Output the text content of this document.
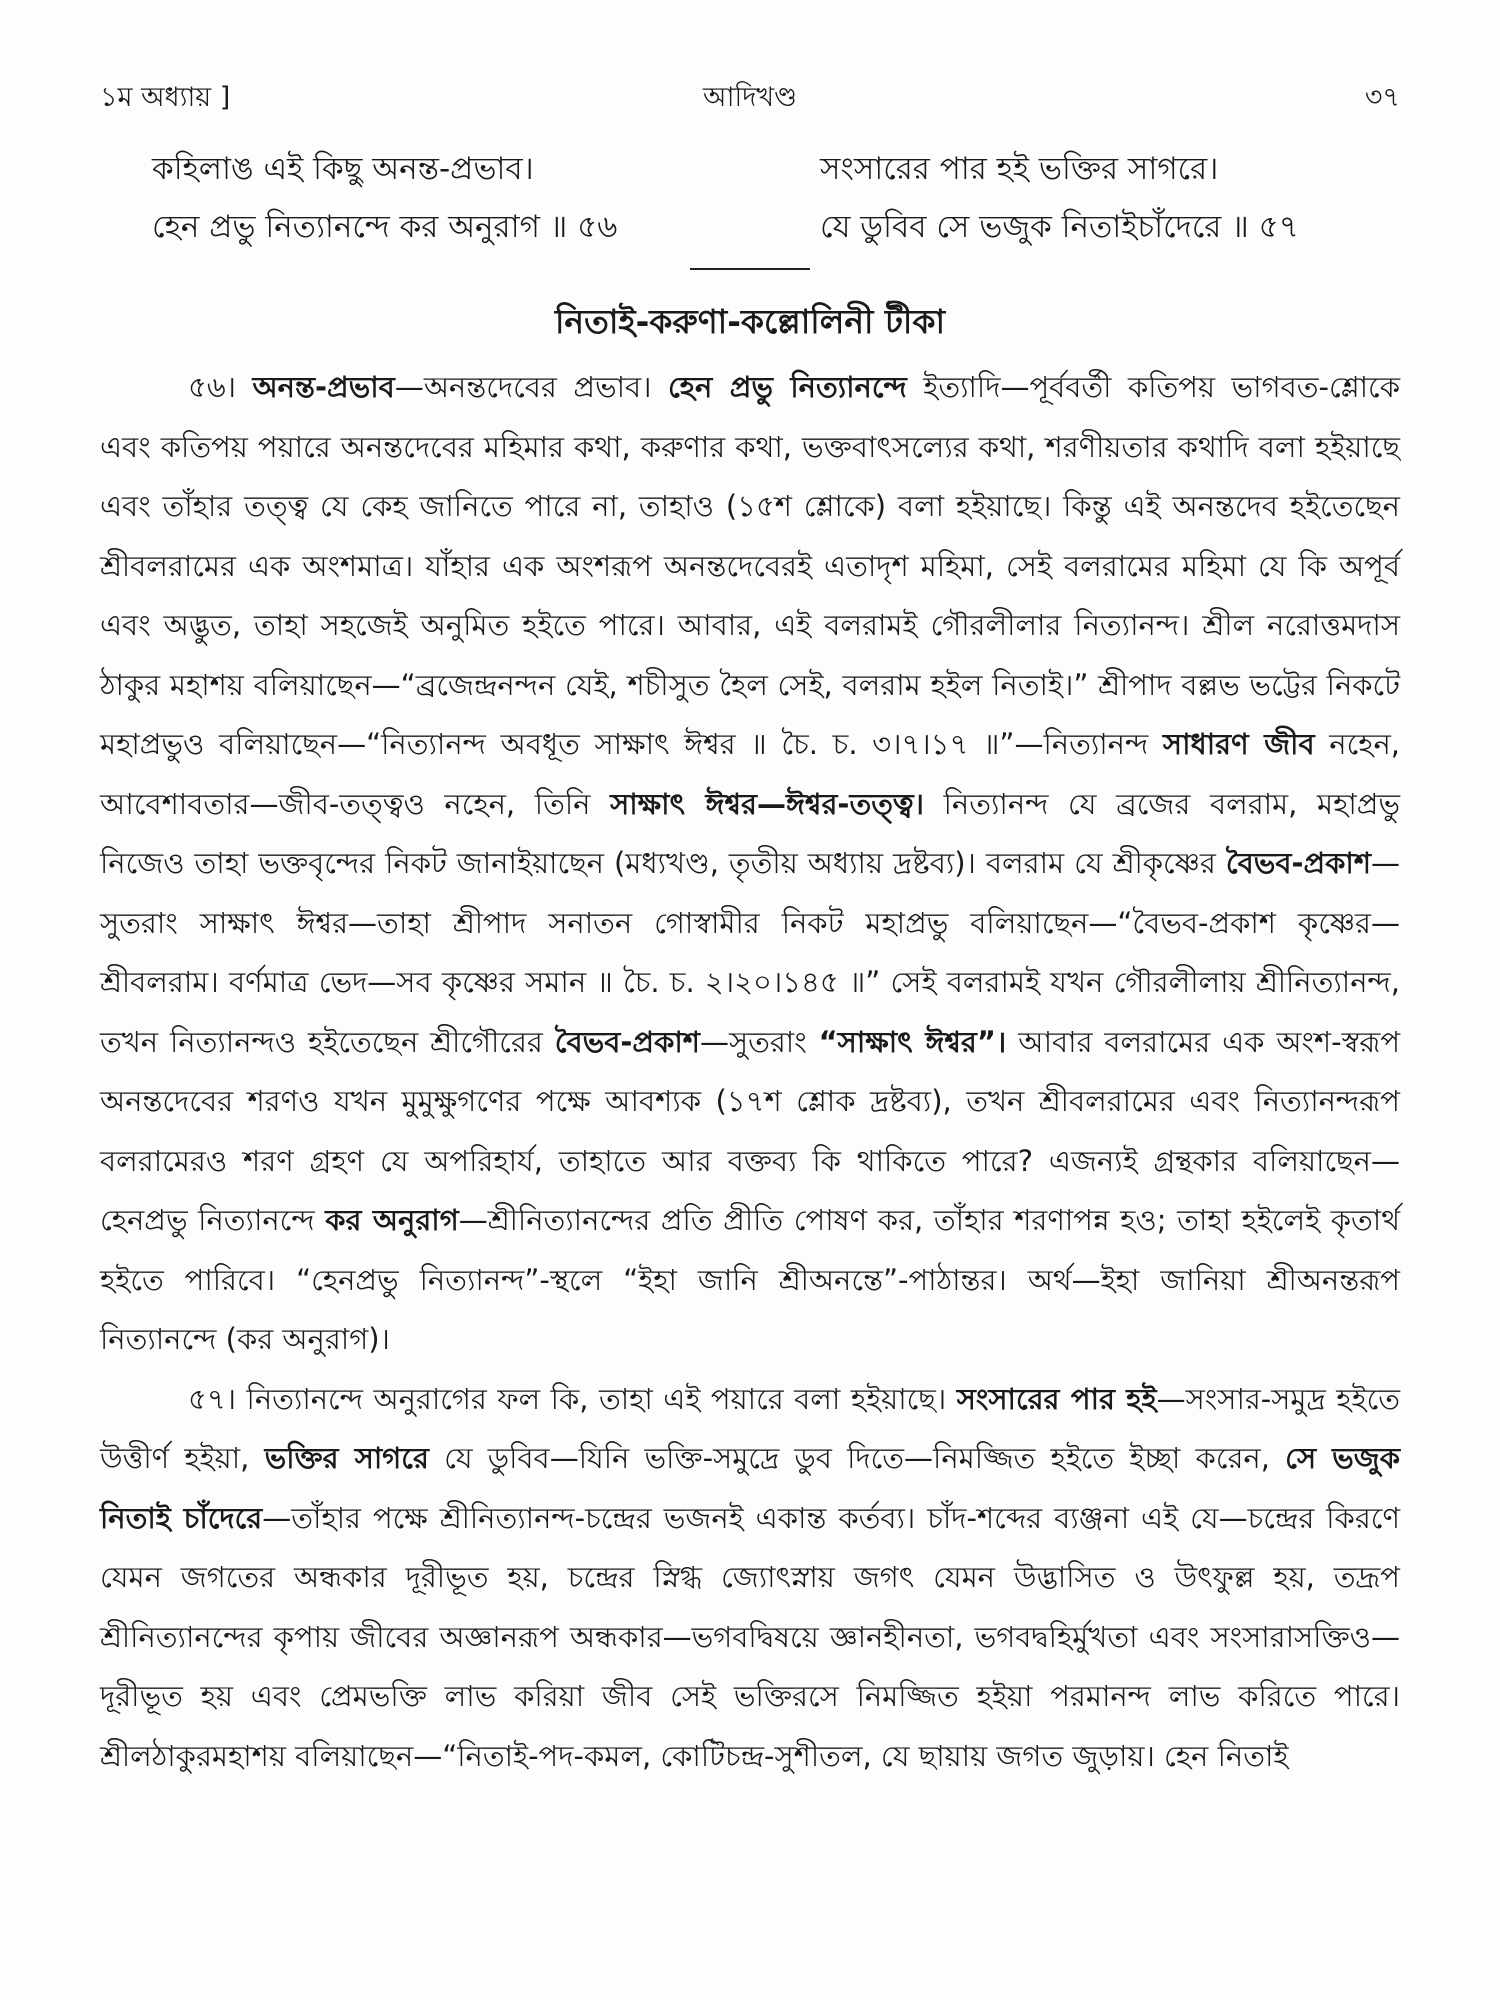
১ম অধ্যায় ]	আদিখণ্ড	৩৭
কহিলাঙ এই কিছু অনন্ত-প্রভাব।
হেন প্রভু নিত্যানন্দে কর অনুরাগ ॥ ৫৬
সংসারের পার হই ভক্তির সাগরে।
যে ডুবিব সে ভজুক নিতাইচাঁদেরে ॥ ৫৭
নিতাই-করুণা-কল্লোলিনী টীকা

৫৬। অনন্ত-প্রভাব—অনন্তদেবের প্রভাব। হেন প্রভু নিত্যানন্দে ইত্যাদি—পূর্ববর্তী কতিপয় ভাগবত-শ্লোকে এবং কতিপয় পয়ারে অনন্তদেবের মহিমার কথা, করুণার কথা, ভক্তবাৎসল্যের কথা, শরণীয়তার কথাদি বলা হইয়াছে এবং তাঁহার তত্ত্ব যে কেহ জানিতে পারে না, তাহাও (১৫শ শ্লোকে) বলা হইয়াছে। কিন্তু এই অনন্তদেব হইতেছেন শ্রীবলরামের এক অংশমাত্র। যাঁহার এক অংশরূপ অনন্তদেবেরই এতাদৃশ মহিমা, সেই বলরামের মহিমা যে কি অপূর্ব এবং অদ্ভুত, তাহা সহজেই অনুমিত হইতে পারে। আবার, এই বলরামই গৌরলীলার নিত্যানন্দ। শ্রীল নরোত্তমদাস ঠাকুর মহাশয় বলিয়াছেন—“ব্রজেন্দ্রনন্দন যেই, শচীসুত হৈল সেই, বলরাম হইল নিতাই।” শ্রীপাদ বল্লভ ভট্টের নিকটে মহাপ্রভুও বলিয়াছেন—“নিত্যানন্দ অবধূত সাক্ষাৎ ঈশ্বর ॥ চৈ. চ. ৩।৭।১৭ ॥”—নিত্যানন্দ সাধারণ জীব নহেন, আবেশাবতার—জীব-তত্ত্বও নহেন, তিনি সাক্ষাৎ ঈশ্বর—ঈশ্বর-তত্ত্ব। নিত্যানন্দ যে ব্রজের বলরাম, মহাপ্রভু নিজেও তাহা ভক্তবৃন্দের নিকট জানাইয়াছেন (মধ্যখণ্ড, তৃতীয় অধ্যায় দ্রষ্টব্য)। বলরাম যে শ্রীকৃষ্ণের বৈভব-প্রকাশ—সুতরাং সাক্ষাৎ ঈশ্বর—তাহা শ্রীপাদ সনাতন গোস্বামীর নিকট মহাপ্রভু বলিয়াছেন—“বৈভব-প্রকাশ কৃষ্ণের—শ্রীবলরাম। বর্ণমাত্র ভেদ—সব কৃষ্ণের সমান ॥ চৈ. চ. ২।২০।১৪৫ ॥” সেই বলরামই যখন গৌরলীলায় শ্রীনিত্যানন্দ, তখন নিত্যানন্দও হইতেছেন শ্রীগৌরের বৈভব-প্রকাশ—সুতরাং “সাক্ষাৎ ঈশ্বর”। আবার বলরামের এক অংশ-স্বরূপ অনন্তদেবের শরণও যখন মুমুক্ষুগণের পক্ষে আবশ্যক (১৭শ শ্লোক দ্রষ্টব্য), তখন শ্রীবলরামের এবং নিত্যানন্দরূপ বলরামেরও শরণ গ্রহণ যে অপরিহার্য, তাহাতে আর বক্তব্য কি থাকিতে পারে? এজন্যই গ্রন্থকার বলিয়াছেন—হেনপ্রভু নিত্যানন্দে কর অনুরাগ—শ্রীনিত্যানন্দের প্রতি প্রীতি পোষণ কর, তাঁহার শরণাপন্ন হও; তাহা হইলেই কৃতার্থ হইতে পারিবে। “হেনপ্রভু নিত্যানন্দ”-স্থলে “ইহা জানি শ্রীঅনন্তে”-পাঠান্তর। অর্থ—ইহা জানিয়া শ্রীঅনন্তরূপ নিত্যানন্দে (কর অনুরাগ)।

৫৭। নিত্যানন্দে অনুরাগের ফল কি, তাহা এই পয়ারে বলা হইয়াছে। সংসারের পার হই—সংসার-সমুদ্র হইতে উত্তীর্ণ হইয়া, ভক্তির সাগরে যে ডুবিব—যিনি ভক্তি-সমুদ্রে ডুব দিতে—নিমজ্জিত হইতে ইচ্ছা করেন, সে ভজুক নিতাই চাঁদেরে—তাঁহার পক্ষে শ্রীনিত্যানন্দ-চন্দ্রের ভজনই একান্ত কর্তব্য। চাঁদ-শব্দের ব্যঞ্জনা এই যে—চন্দ্রের কিরণে যেমন জগতের অন্ধকার দূরীভূত হয়, চন্দ্রের স্নিগ্ধ জ্যোৎস্নায় জগৎ যেমন উদ্ভাসিত ও উৎফুল্ল হয়, তদ্রূপ শ্রীনিত্যানন্দের কৃপায় জীবের অজ্ঞানরূপ অন্ধকার—ভগবদ্বিষয়ে জ্ঞানহীনতা, ভগবদ্বহির্মুখতা এবং সংসারাসক্তিও—দূরীভূত হয় এবং প্রেমভক্তি লাভ করিয়া জীব সেই ভক্তিরসে নিমজ্জিত হইয়া পরমানন্দ লাভ করিতে পারে। শ্রীলঠাকুরমহাশয় বলিয়াছেন—“নিতাই-পদ-কমল, কোটিচন্দ্র-সুশীতল, যে ছায়ায় জগত জুড়ায়। হেন নিতাই
